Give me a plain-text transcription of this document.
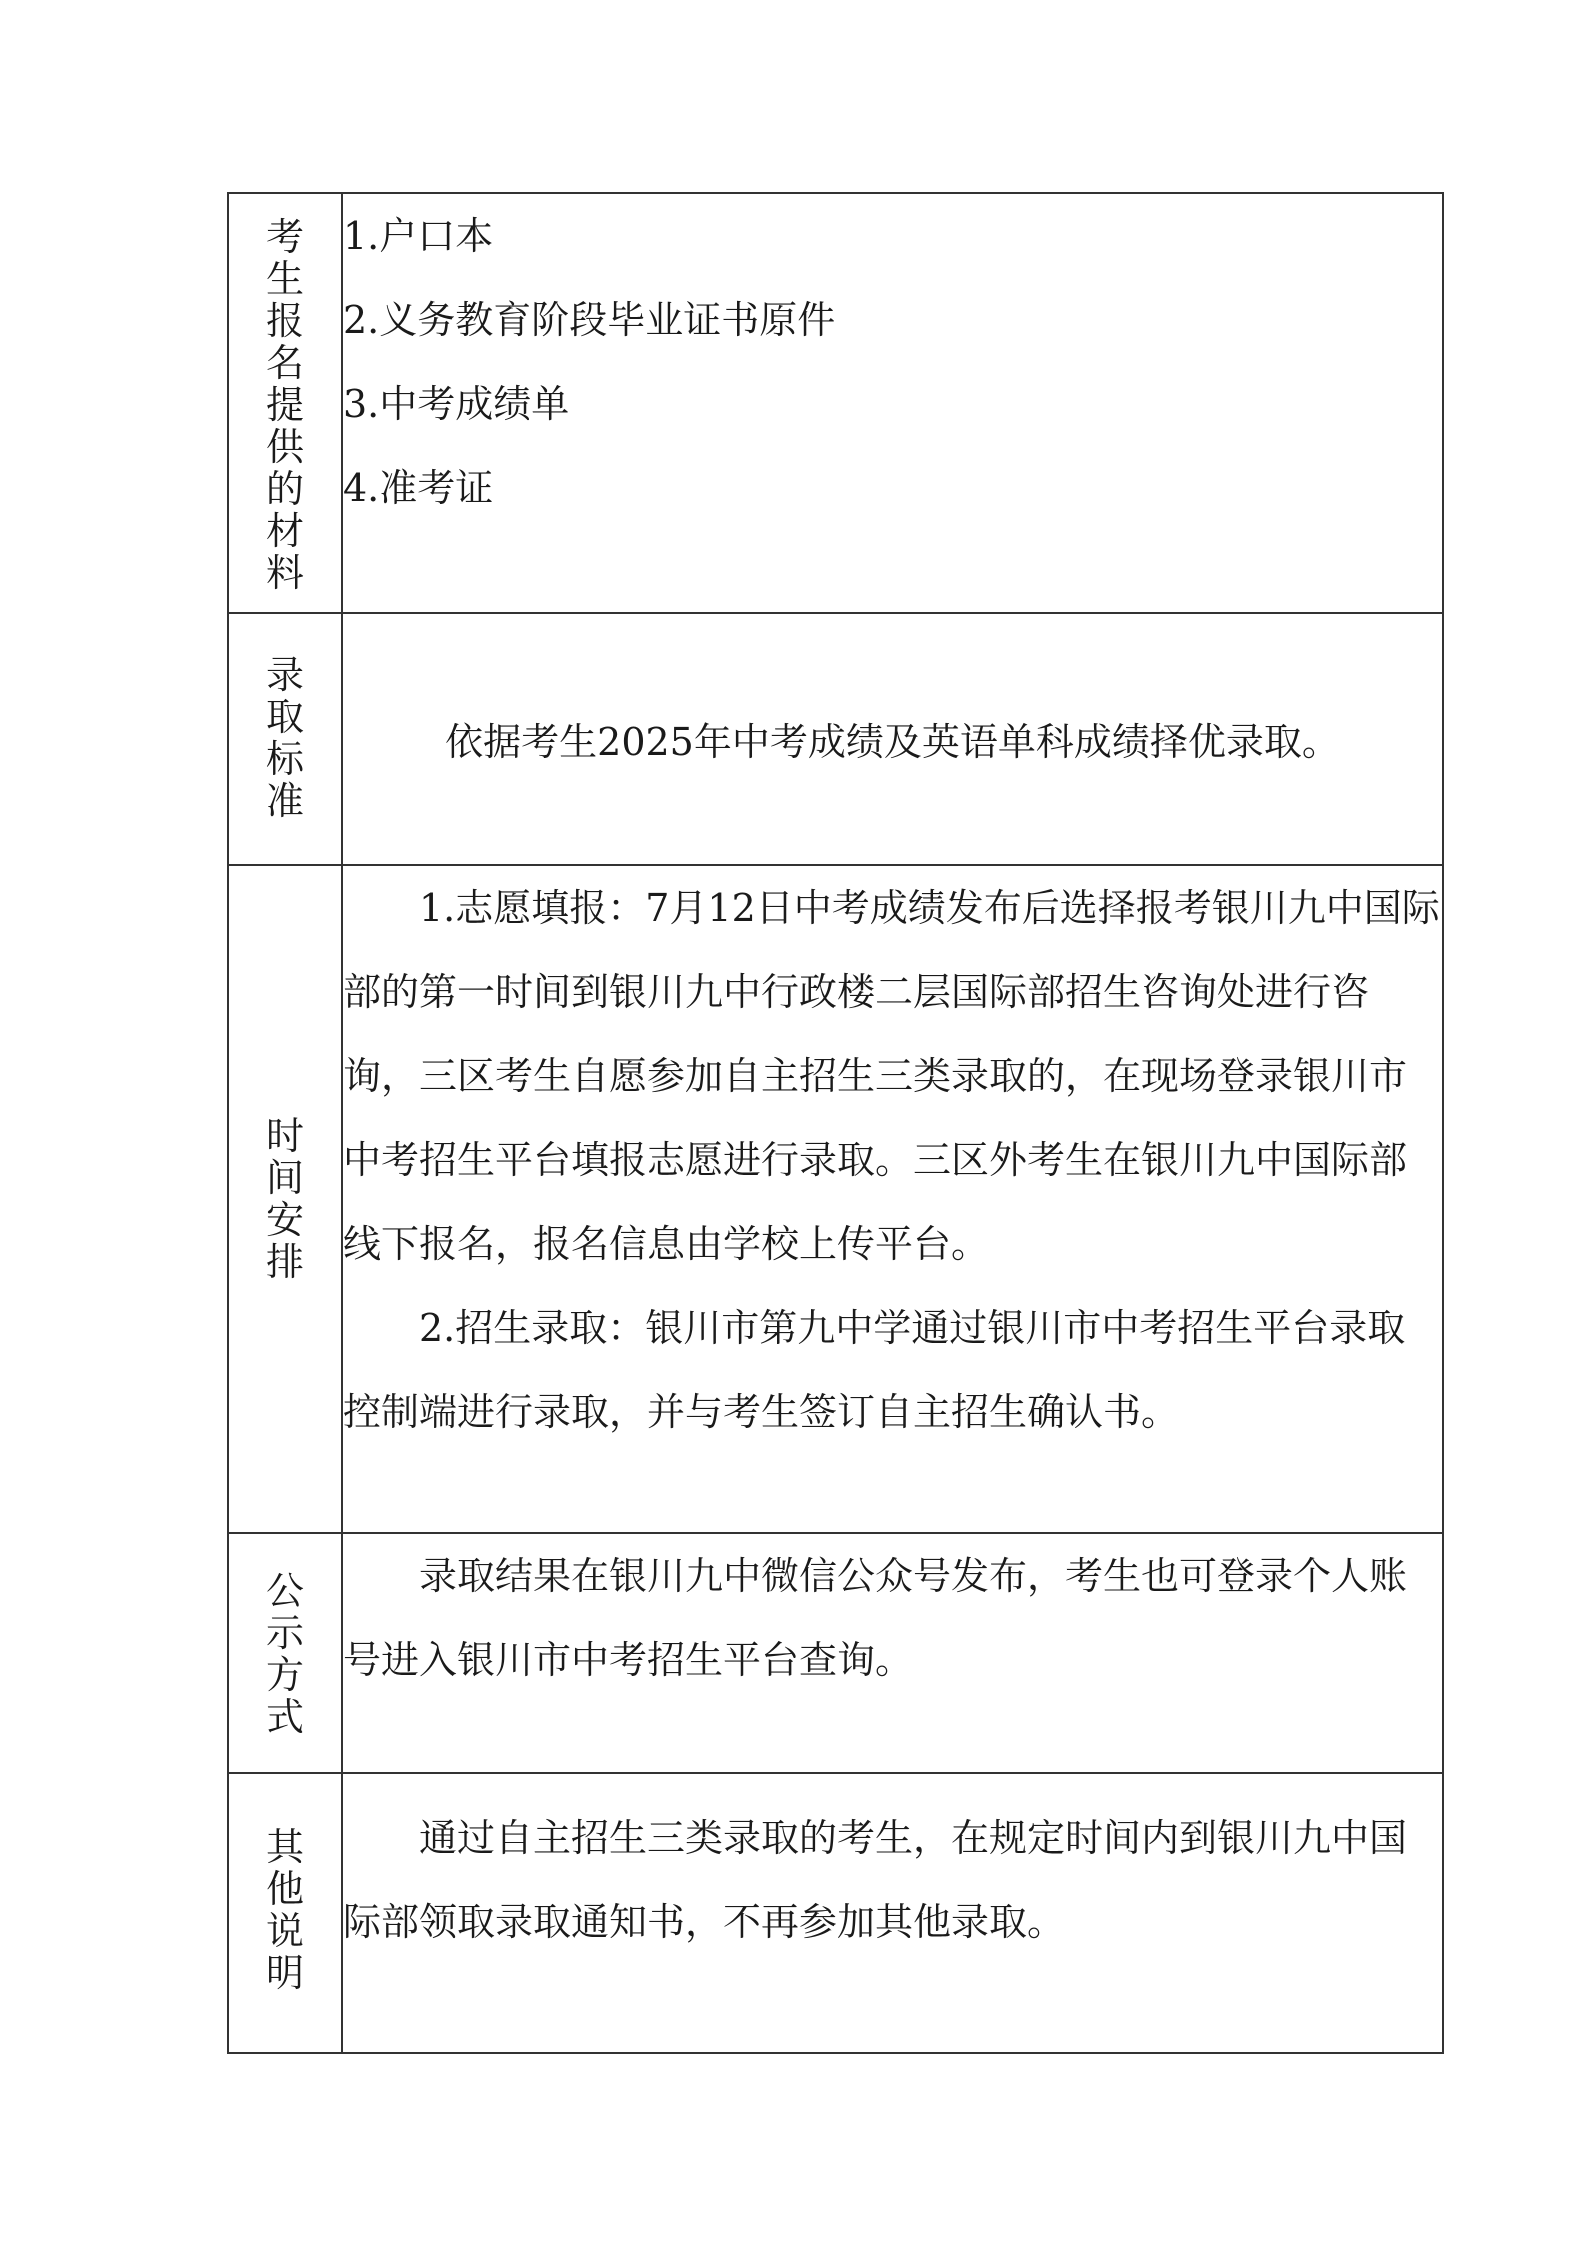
考生报名提供的材料	1.户口本
2.义务教育阶段毕业证书原件
3.中考成绩单
4.准考证

录取标准	依据考生2025年中考成绩及英语单科成绩择优录取。

时间安排	1.志愿填报：7月12日中考成绩发布后选择报考银川九中国际部的第一时间到银川九中行政楼二层国际部招生咨询处进行咨询，三区考生自愿参加自主招生三类录取的，在现场登录银川市中考招生平台填报志愿进行录取。三区外考生在银川九中国际部线下报名，报名信息由学校上传平台。

2.招生录取：银川市第九中学通过银川市中考招生平台录取控制端进行录取，并与考生签订自主招生确认书。

公示方式	录取结果在银川九中微信公众号发布，考生也可登录个人账号进入银川市中考招生平台查询。

其他说明	通过自主招生三类录取的考生，在规定时间内到银川九中国际部领取录取通知书，不再参加其他录取。
